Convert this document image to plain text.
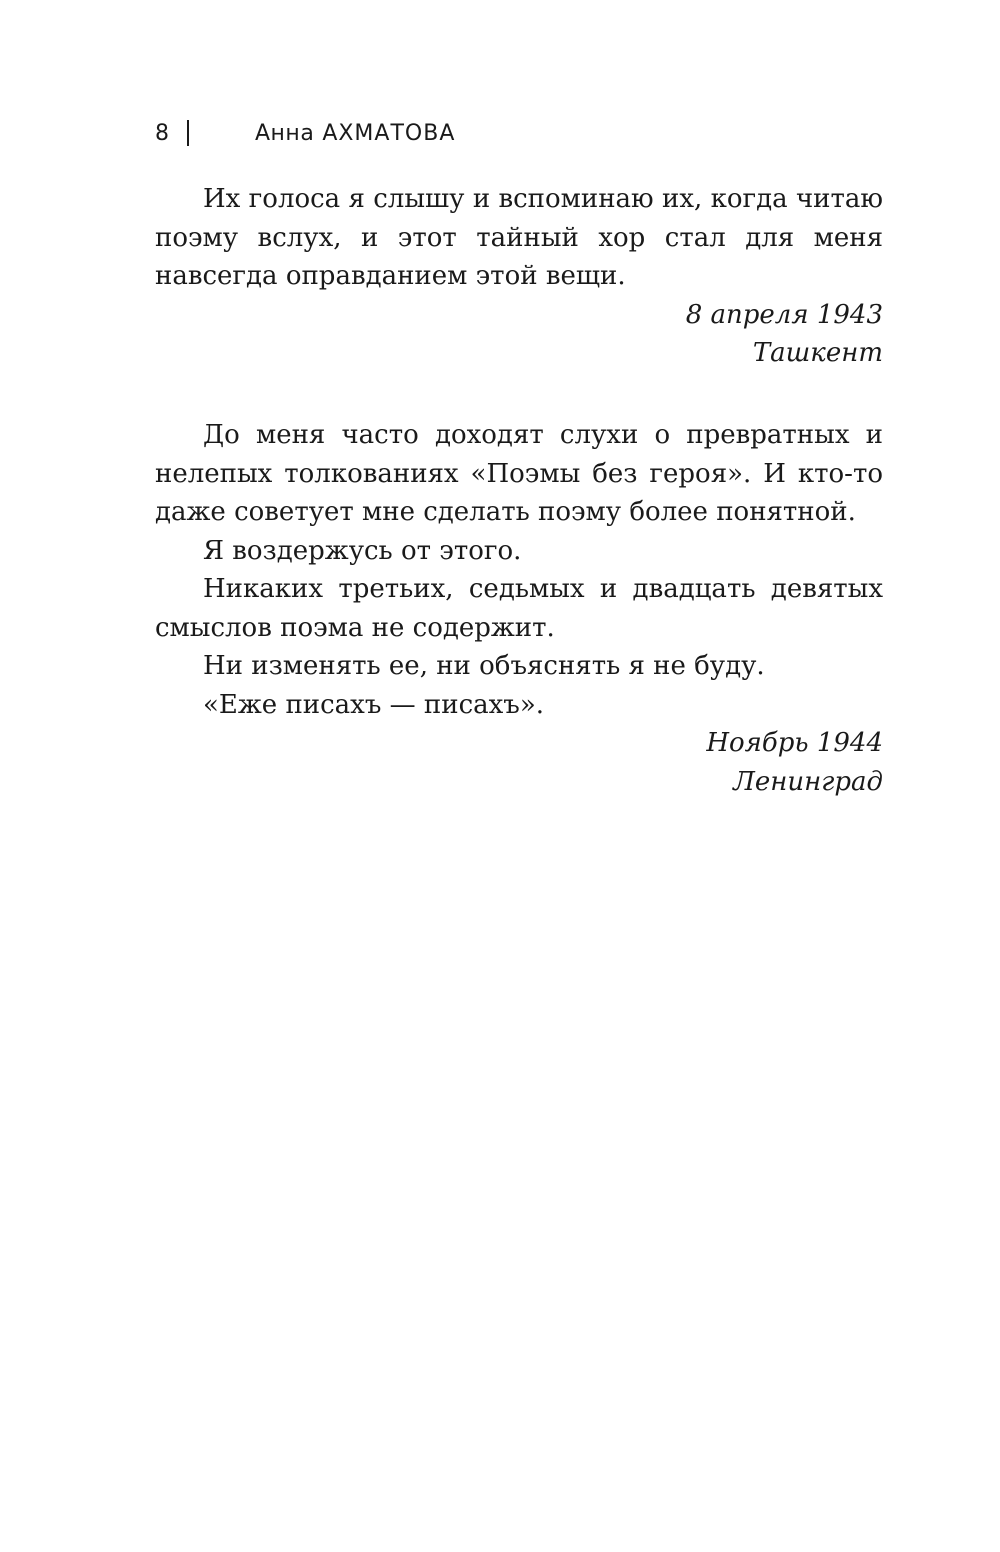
8	Анна АХМАТОВА

Их голоса я слышу и вспоминаю их, когда читаю поэму вслух, и этот тайный хор стал для меня навсегда оправданием этой вещи.

8 апреля 1943

Ташкент

До меня часто доходят слухи о превратных и нелепых толкованиях «Поэмы без героя». И кто-то даже советует мне сделать поэму более понятной.

Я воздержусь от этого.

Никаких третьих, седьмых и двадцать девятых смыслов поэма не содержит.

Ни изменять ее, ни объяснять я не буду.

«Еже писахъ — писахъ».

Ноябрь 1944

Ленинград
